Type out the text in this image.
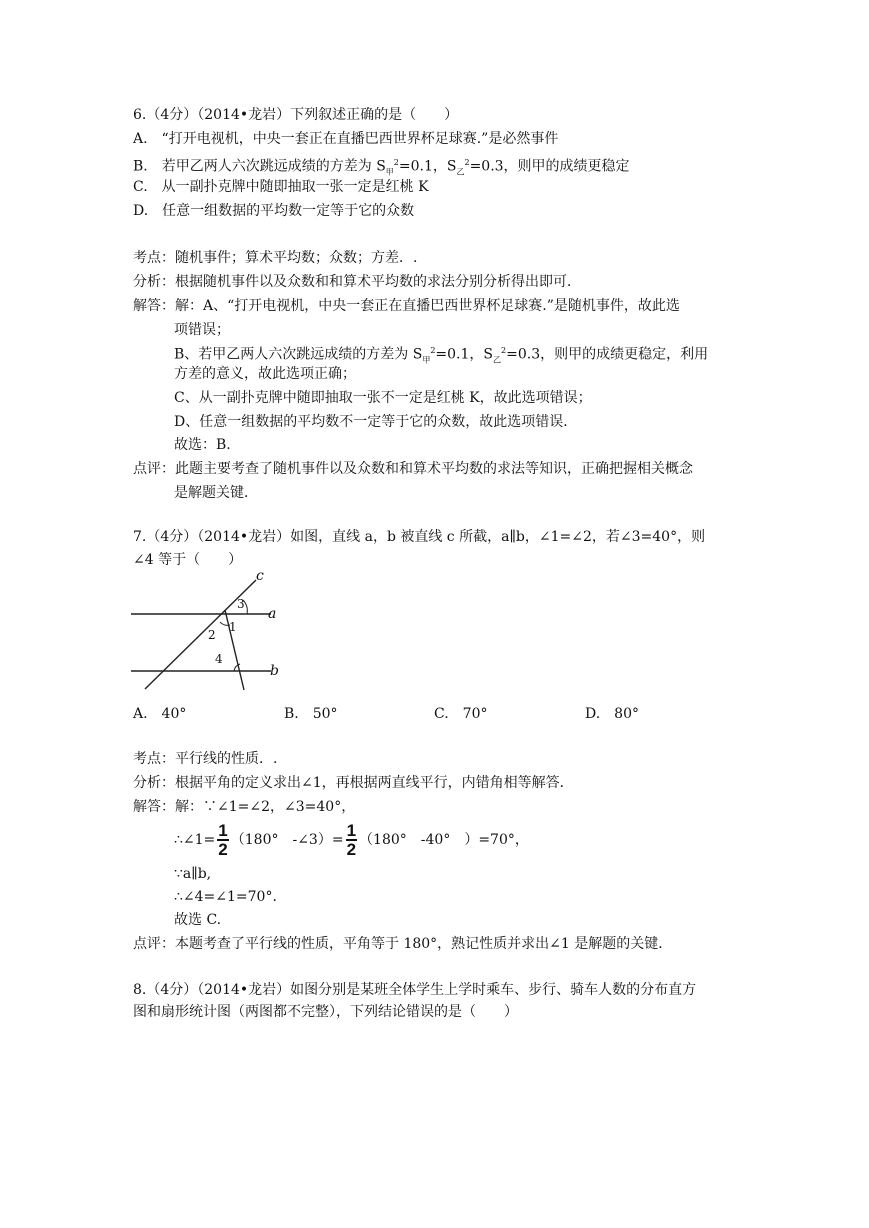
6.（4分）（2014•龙岩）下列叙述正确的是（　　）
A.　“打开电视机，中央一套正在直播巴西世界杯足球赛.”是必然事件
B.　若甲乙两人六次跳远成绩的方差为 $S_甲^2=0.1$，$S_乙^2=0.3$，则甲的成绩更稳定
C.　从一副扑克牌中随即抽取一张一定是红桃 K
D.　任意一组数据的平均数一定等于它的众数
考点：随机事件；算术平均数；众数；方差．.
分析：根据随机事件以及众数和和算术平均数的求法分别分析得出即可．
解答：解：A、“打开电视机，中央一套正在直播巴西世界杯足球赛.”是随机事件，故此选
项错误；
B、若甲乙两人六次跳远成绩的方差为 $S_甲^2=0.1$，$S_乙^2=0.3$，则甲的成绩更稳定，利用
方差的意义，故此选项正确；
C、从一副扑克牌中随即抽取一张不一定是红桃 K，故此选项错误；
D、任意一组数据的平均数不一定等于它的众数，故此选项错误．
故选：B.
点评：此题主要考查了随机事件以及众数和和算术平均数的求法等知识，正确把握相关概念
是解题关键．
7.（4分）（2014•龙岩）如图，直线 a，b 被直线 c 所截，a∥b，∠1=∠2，若∠3=40°，则
∠4 等于（　　）
c
a
b
3
1
2
4
A.　40°	B.　50°	C.　70°	D.　80°
考点：平行线的性质．.
分析：根据平角的定义求出∠1，再根据两直线平行，内错角相等解答．
解答：解：∵∠1=∠2，∠3=40°，
∴∠1= $\frac{1}{2} (180^\circ$　-∠3）= $\frac{1}{2} (180^\circ$　-40°　）=70°，
∵a∥b,
∴∠4=∠1=70°．
故选 C.
点评：本题考查了平行线的性质，平角等于 180°，熟记性质并求出∠1 是解题的关键．
8.（4分）（2014•龙岩）如图分别是某班全体学生上学时乘车、步行、骑车人数的分布直方
图和扇形统计图（两图都不完整），下列结论错误的是（　　）
